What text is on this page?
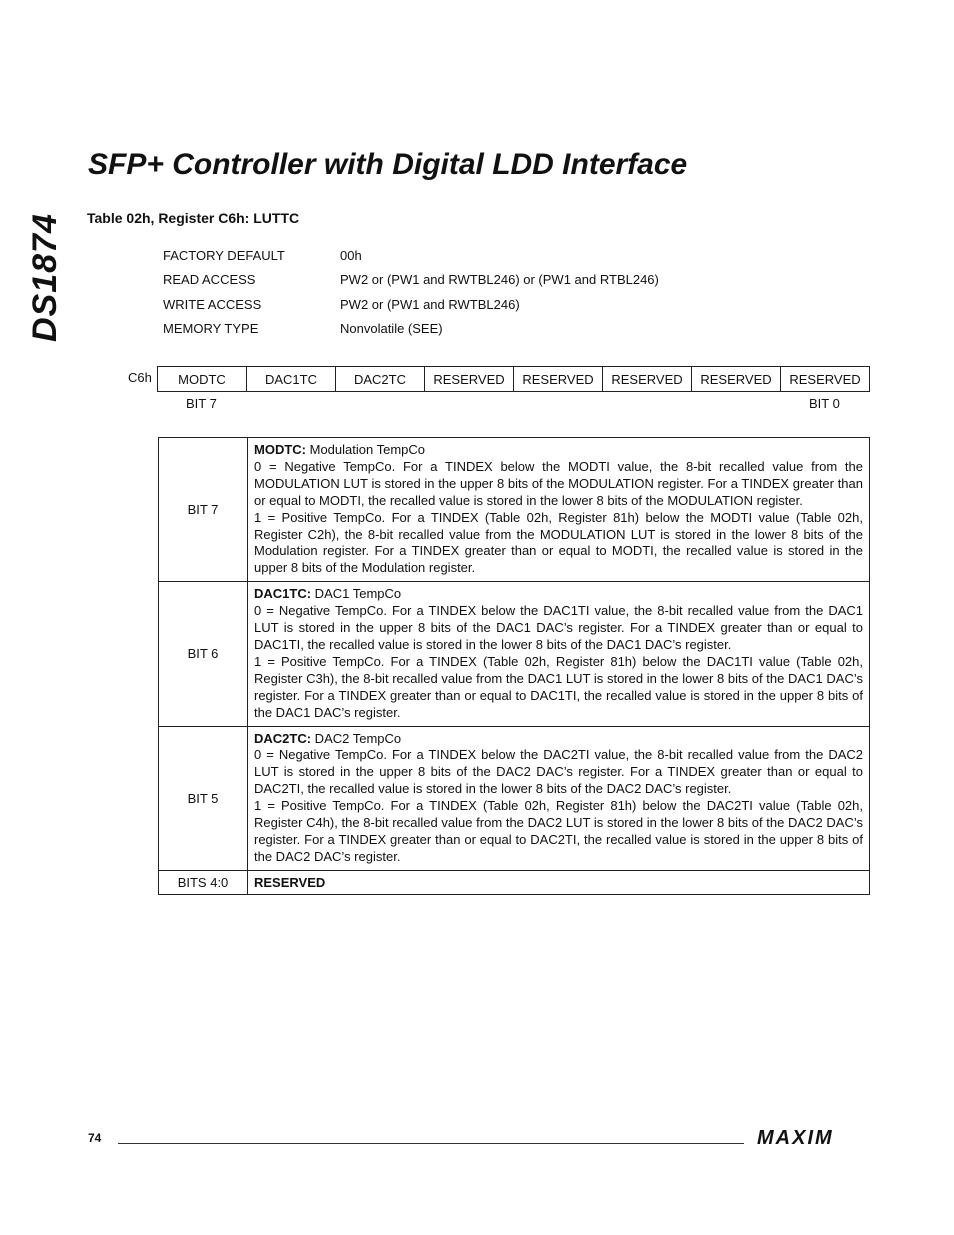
DS1874
SFP+ Controller with Digital LDD Interface
Table 02h, Register C6h: LUTTC
FACTORY DEFAULT	00h
READ ACCESS	PW2 or (PW1 and RWTBL246) or (PW1 and RTBL246)
WRITE ACCESS	PW2 or (PW1 and RWTBL246)
MEMORY TYPE	Nonvolatile (SEE)
C6h MODTC	DAC1TC	DAC2TC	RESERVED	RESERVED	RESERVED	RESERVED	RESERVED
BIT 7	BIT 0
BIT 7	MODTC: Modulation TempCo
0 = Negative TempCo. For a TINDEX below the MODTI value, the 8-bit recalled value from the MODULATION LUT is stored in the upper 8 bits of the MODULATION register. For a TINDEX greater than or equal to MODTI, the recalled value is stored in the lower 8 bits of the MODULATION register.
1 = Positive TempCo. For a TINDEX (Table 02h, Register 81h) below the MODTI value (Table 02h, Register C2h), the 8-bit recalled value from the MODULATION LUT is stored in the lower 8 bits of the Modulation register. For a TINDEX greater than or equal to MODTI, the recalled value is stored in the upper 8 bits of the Modulation register.

BIT 6	DAC1TC: DAC1 TempCo
0 = Negative TempCo. For a TINDEX below the DAC1TI value, the 8-bit recalled value from the DAC1 LUT is stored in the upper 8 bits of the DAC1 DAC’s register. For a TINDEX greater than or equal to DAC1TI, the recalled value is stored in the lower 8 bits of the DAC1 DAC’s register.
1 = Positive TempCo. For a TINDEX (Table 02h, Register 81h) below the DAC1TI value (Table 02h, Register C3h), the 8-bit recalled value from the DAC1 LUT is stored in the lower 8 bits of the DAC1 DAC’s register. For a TINDEX greater than or equal to DAC1TI, the recalled value is stored in the upper 8 bits of the DAC1 DAC’s register.

BIT 5	DAC2TC: DAC2 TempCo
0 = Negative TempCo. For a TINDEX below the DAC2TI value, the 8-bit recalled value from the DAC2 LUT is stored in the upper 8 bits of the DAC2 DAC’s register. For a TINDEX greater than or equal to DAC2TI, the recalled value is stored in the lower 8 bits of the DAC2 DAC’s register.
1 = Positive TempCo. For a TINDEX (Table 02h, Register 81h) below the DAC2TI value (Table 02h, Register C4h), the 8-bit recalled value from the DAC2 LUT is stored in the lower 8 bits of the DAC2 DAC’s register. For a TINDEX greater than or equal to DAC2TI, the recalled value is stored in the upper 8 bits of the DAC2 DAC’s register.

BITS 4:0	RESERVED
74	MAXIM
